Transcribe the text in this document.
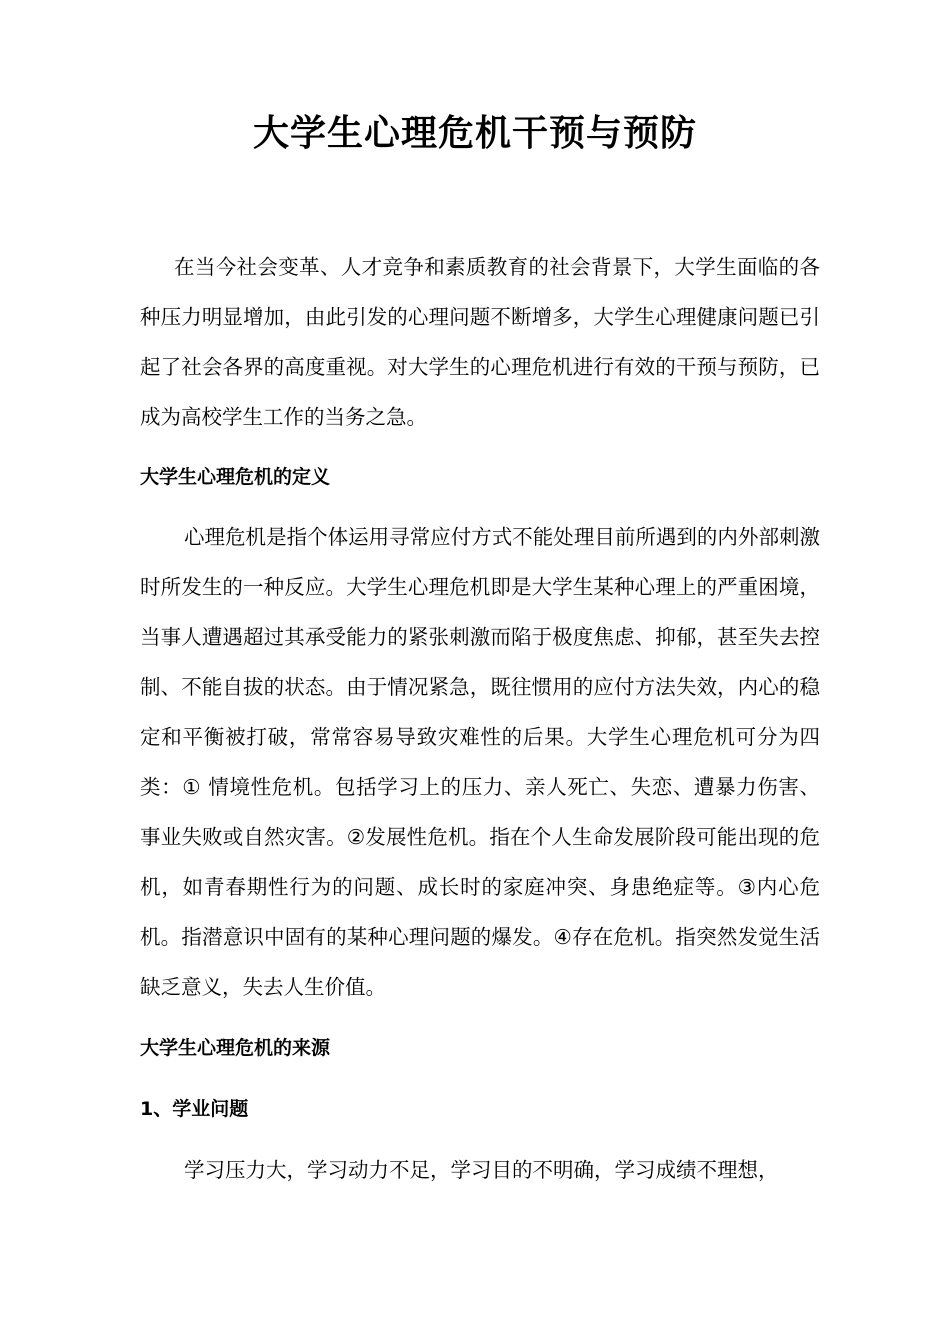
大学生心理危机干预与预防

在当今社会变革、人才竞争和素质教育的社会背景下，大学生面临的各种压力明显增加，由此引发的心理问题不断增多，大学生心理健康问题已引起了社会各界的高度重视。对大学生的心理危机进行有效的干预与预防，已成为高校学生工作的当务之急。

大学生心理危机的定义

心理危机是指个体运用寻常应付方式不能处理目前所遇到的内外部刺激时所发生的一种反应。大学生心理危机即是大学生某种心理上的严重困境，当事人遭遇超过其承受能力的紧张刺激而陷于极度焦虑、抑郁，甚至失去控制、不能自拔的状态。由于情况紧急，既往惯用的应付方法失效，内心的稳定和平衡被打破，常常容易导致灾难性的后果。大学生心理危机可分为四类：① 情境性危机。包括学习上的压力、亲人死亡、失恋、遭暴力伤害、事业失败或自然灾害。②发展性危机。指在个人生命发展阶段可能出现的危机，如青春期性行为的问题、成长时的家庭冲突、身患绝症等。③内心危机。指潜意识中固有的某种心理问题的爆发。④存在危机。指突然发觉生活缺乏意义，失去人生价值。

大学生心理危机的来源
1、学业问题

学习压力大，学习动力不足，学习目的不明确，学习成绩不理想，
